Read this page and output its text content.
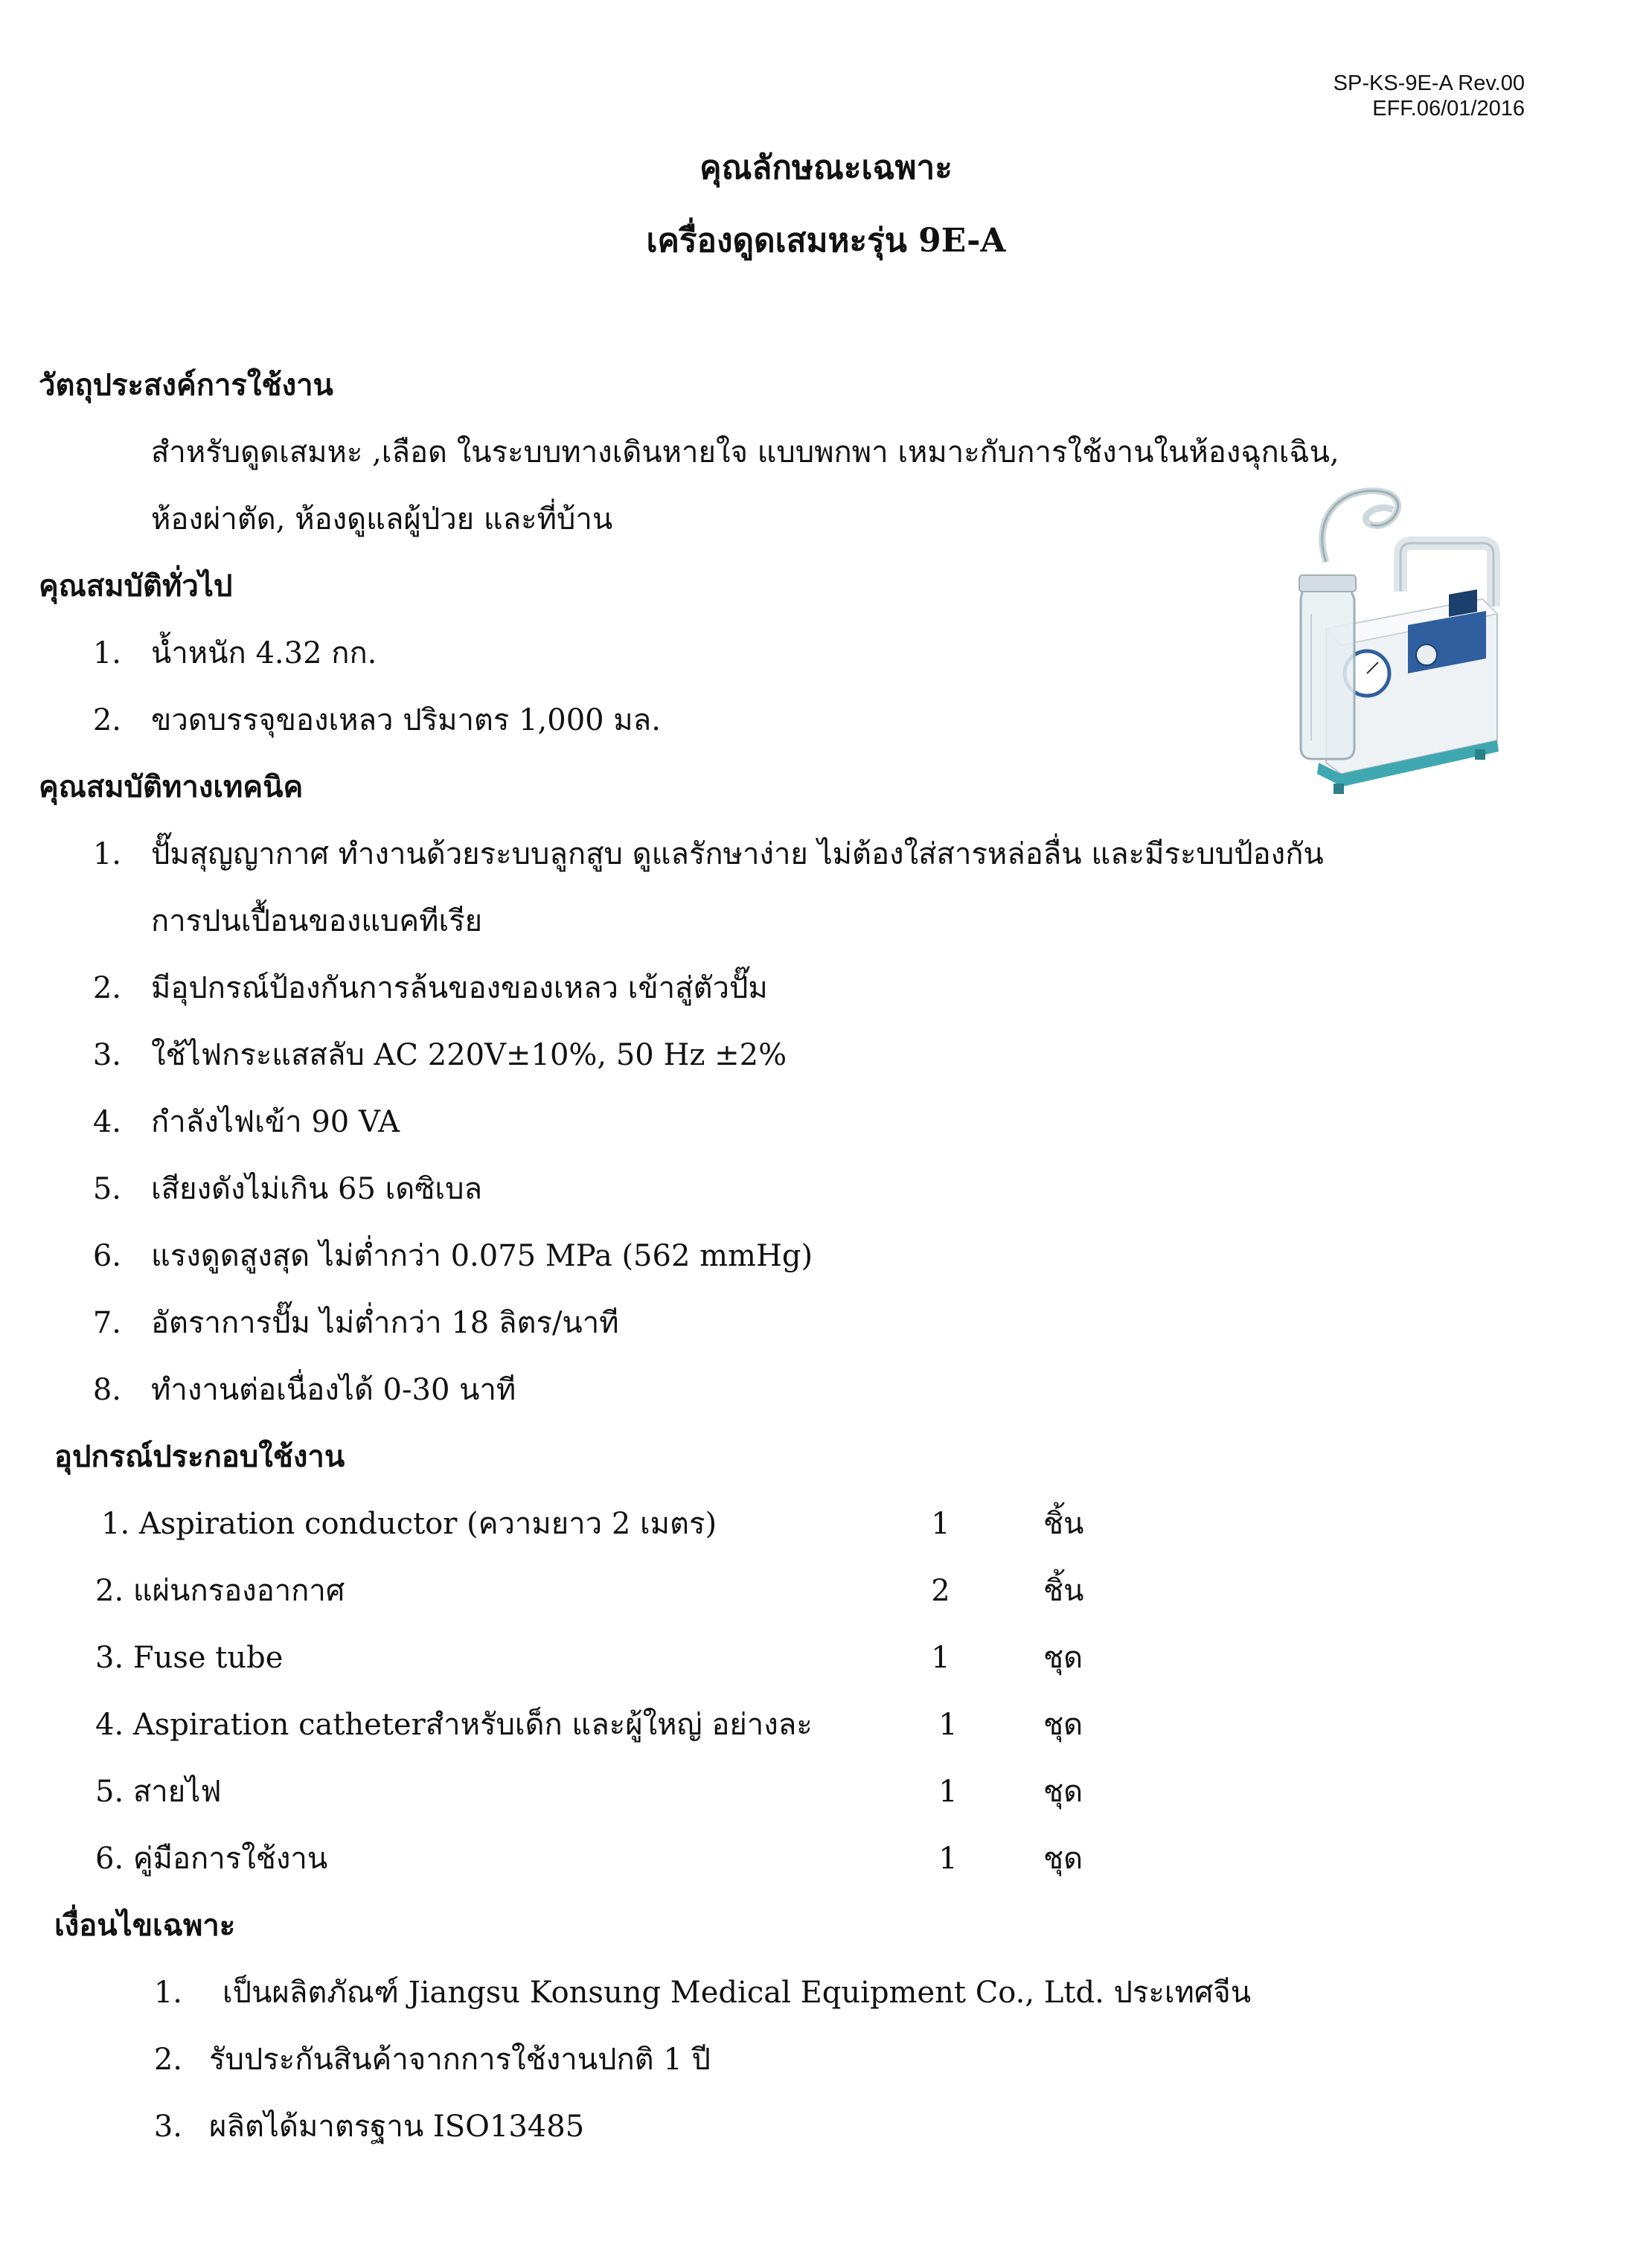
SP-KS-9E-A Rev.00
EFF.06/01/2016
คุณลักษณะเฉพาะ
เครื่องดูดเสมหะรุ่น 9E-A
วัตถุประสงค์การใช้งาน
สำหรับดูดเสมหะ ,เลือด ในระบบทางเดินหายใจ แบบพกพา เหมาะกับการใช้งานในห้องฉุกเฉิน,
ห้องผ่าตัด, ห้องดูแลผู้ป่วย และที่บ้าน
คุณสมบัติทั่วไป
1. น้ำหนัก 4.32 กก.
2. ขวดบรรจุของเหลว ปริมาตร 1,000 มล.
คุณสมบัติทางเทคนิค
1. ปั๊มสุญญากาศ ทำงานด้วยระบบลูกสูบ ดูแลรักษาง่าย ไม่ต้องใส่สารหล่อลื่น และมีระบบป้องกัน
การปนเปื้อนของแบคทีเรีย
2. มีอุปกรณ์ป้องกันการล้นของของเหลว เข้าสู่ตัวปั๊ม
3. ใช้ไฟกระแสสลับ AC 220V±10%, 50 Hz ±2%
4. กำลังไฟเข้า 90 VA
5. เสียงดังไม่เกิน 65 เดซิเบล
6. แรงดูดสูงสุด ไม่ต่ำกว่า 0.075 MPa (562 mmHg)
7. อัตราการปั๊ม ไม่ต่ำกว่า 18 ลิตร/นาที
8. ทำงานต่อเนื่องได้ 0-30 นาที
อุปกรณ์ประกอบใช้งาน
1. Aspiration conductor (ความยาว 2 เมตร)	1	ชิ้น
2. แผ่นกรองอากาศ	2	ชิ้น
3. Fuse tube	1	ชุด
4. Aspiration catheterสำหรับเด็ก และผู้ใหญ่ อย่างละ	1	ชุด
5. สายไฟ	1	ชุด
6. คู่มือการใช้งาน	1	ชุด
เงื่อนไขเฉพาะ
1. เป็นผลิตภัณฑ์ Jiangsu Konsung Medical Equipment Co., Ltd. ประเทศจีน
2. รับประกันสินค้าจากการใช้งานปกติ 1 ปี
3. ผลิตได้มาตรฐาน ISO13485
